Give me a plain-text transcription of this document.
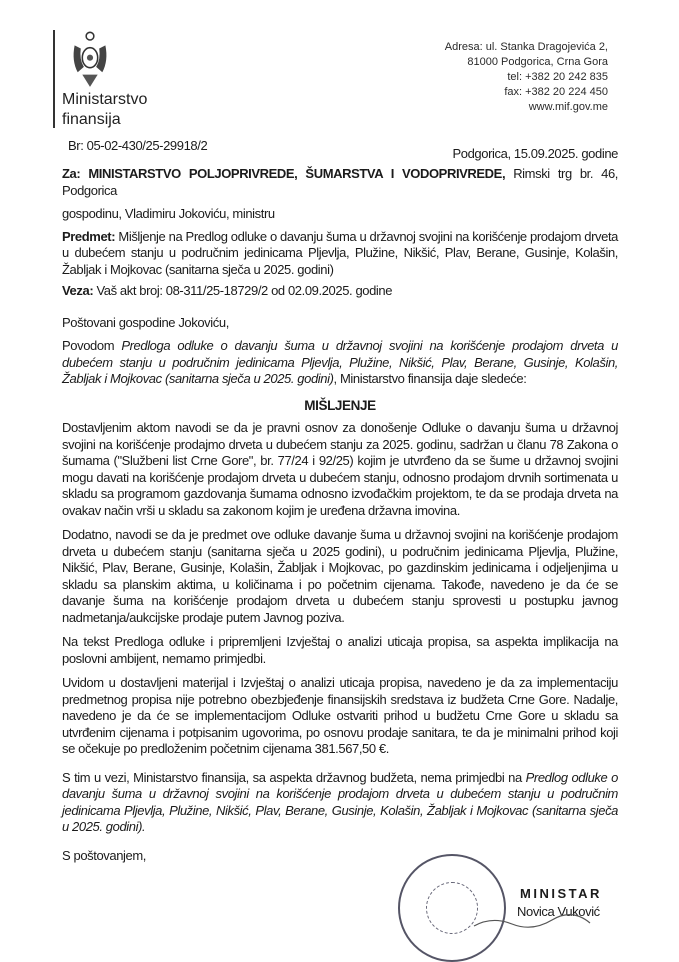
Ministarstvo
finansija
Adresa: ul. Stanka Dragojevića 2,
81000 Podgorica, Crna Gora
tel: +382 20 242 835
fax: +382 20 224 450
www.mif.gov.me
Br: 05-02-430/25-29918/2
Podgorica, 15.09.2025. godine
Za: MINISTARSTVO POLJOPRIVREDE, ŠUMARSTVA I VODOPRIVREDE, Rimski trg br. 46, Podgorica
gospodinu, Vladimiru Jokoviću, ministru
Predmet: Mišljenje na Predlog odluke o davanju šuma u državnoj svojini na korišćenje prodajom drveta u dubećem stanju u područnim jedinicama Pljevlja, Plužine, Nikšić, Plav, Berane, Gusinje, Kolašin, Žabljak i Mojkovac (sanitarna sječa u 2025. godini)
Veza: Vaš akt broj: 08-311/25-18729/2 od 02.09.2025. godine
Poštovani gospodine Jokoviću,
Povodom Predloga odluke o davanju šuma u državnoj svojini na korišćenje prodajom drveta u dubećem stanju u područnim jedinicama Pljevlja, Plužine, Nikšić, Plav, Berane, Gusinje, Kolašin, Žabljak i Mojkovac (sanitarna sječa u 2025. godini), Ministarstvo finansija daje sledeće:
MIŠLJENJE
Dostavljenim aktom navodi se da je pravni osnov za donošenje Odluke o davanju šuma u državnoj svojini na korišćenje prodajmo drveta u dubećem stanju za 2025. godinu, sadržan u članu 78 Zakona o šumama ("Službeni list Crne Gore", br. 77/24 i 92/25) kojim je utvrđeno da se šume u državnoj svojini mogu davati na korišćenje prodajom drveta u dubećem stanju, odnosno prodajom drvnih sortimenata u skladu sa programom gazdovanja šumama odnosno izvođačkim projektom, te da se prodaja drveta na ovakav način vrši u skladu sa zakonom kojim je uređena državna imovina.
Dodatno, navodi se da je predmet ove odluke davanje šuma u državnoj svojini na korišćenje prodajom drveta u dubećem stanju (sanitarna sječa u 2025 godini), u područnim jedinicama Pljevlja, Plužine, Nikšić, Plav, Berane, Gusinje, Kolašin, Žabljak i Mojkovac, po gazdinskim jedinicama i odjeljenjima u skladu sa planskim aktima, u količinama i po početnim cijenama. Takođe, navedeno je da će se davanje šuma na korišćenje prodajom drveta u dubećem stanju sprovesti u postupku javnog nadmetanja/aukcijske prodaje putem Javnog poziva.
Na tekst Predloga odluke i pripremljeni Izvještaj o analizi uticaja propisa, sa aspekta implikacija na poslovni ambijent, nemamo primjedbi.
Uvidom u dostavljeni materijal i Izvještaj o analizi uticaja propisa, navedeno je da za implementaciju predmetnog propisa nije potrebno obezbjeđenje finansijskih sredstava iz budžeta Crne Gore. Nadalje, navedeno je da će se implementacijom Odluke ostvariti prihod u budžetu Crne Gore u skladu sa utvrđenim cijenama i potpisanim ugovorima, po osnovu prodaje sanitara, te da je minimalni prihod koji se očekuje po predloženim početnim cijenama 381.567,50 €.
S tim u vezi, Ministarstvo finansija, sa aspekta državnog budžeta, nema primjedbi na Predlog odluke o davanju šuma u državnoj svojini na korišćenje prodajom drveta u dubećem stanju u područnim jedinicama Pljevlja, Plužine, Nikšić, Plav, Berane, Gusinje, Kolašin, Žabljak i Mojkovac (sanitarna sječa u 2025. godini).
S poštovanjem,
MINISTAR
Novica Vuković
